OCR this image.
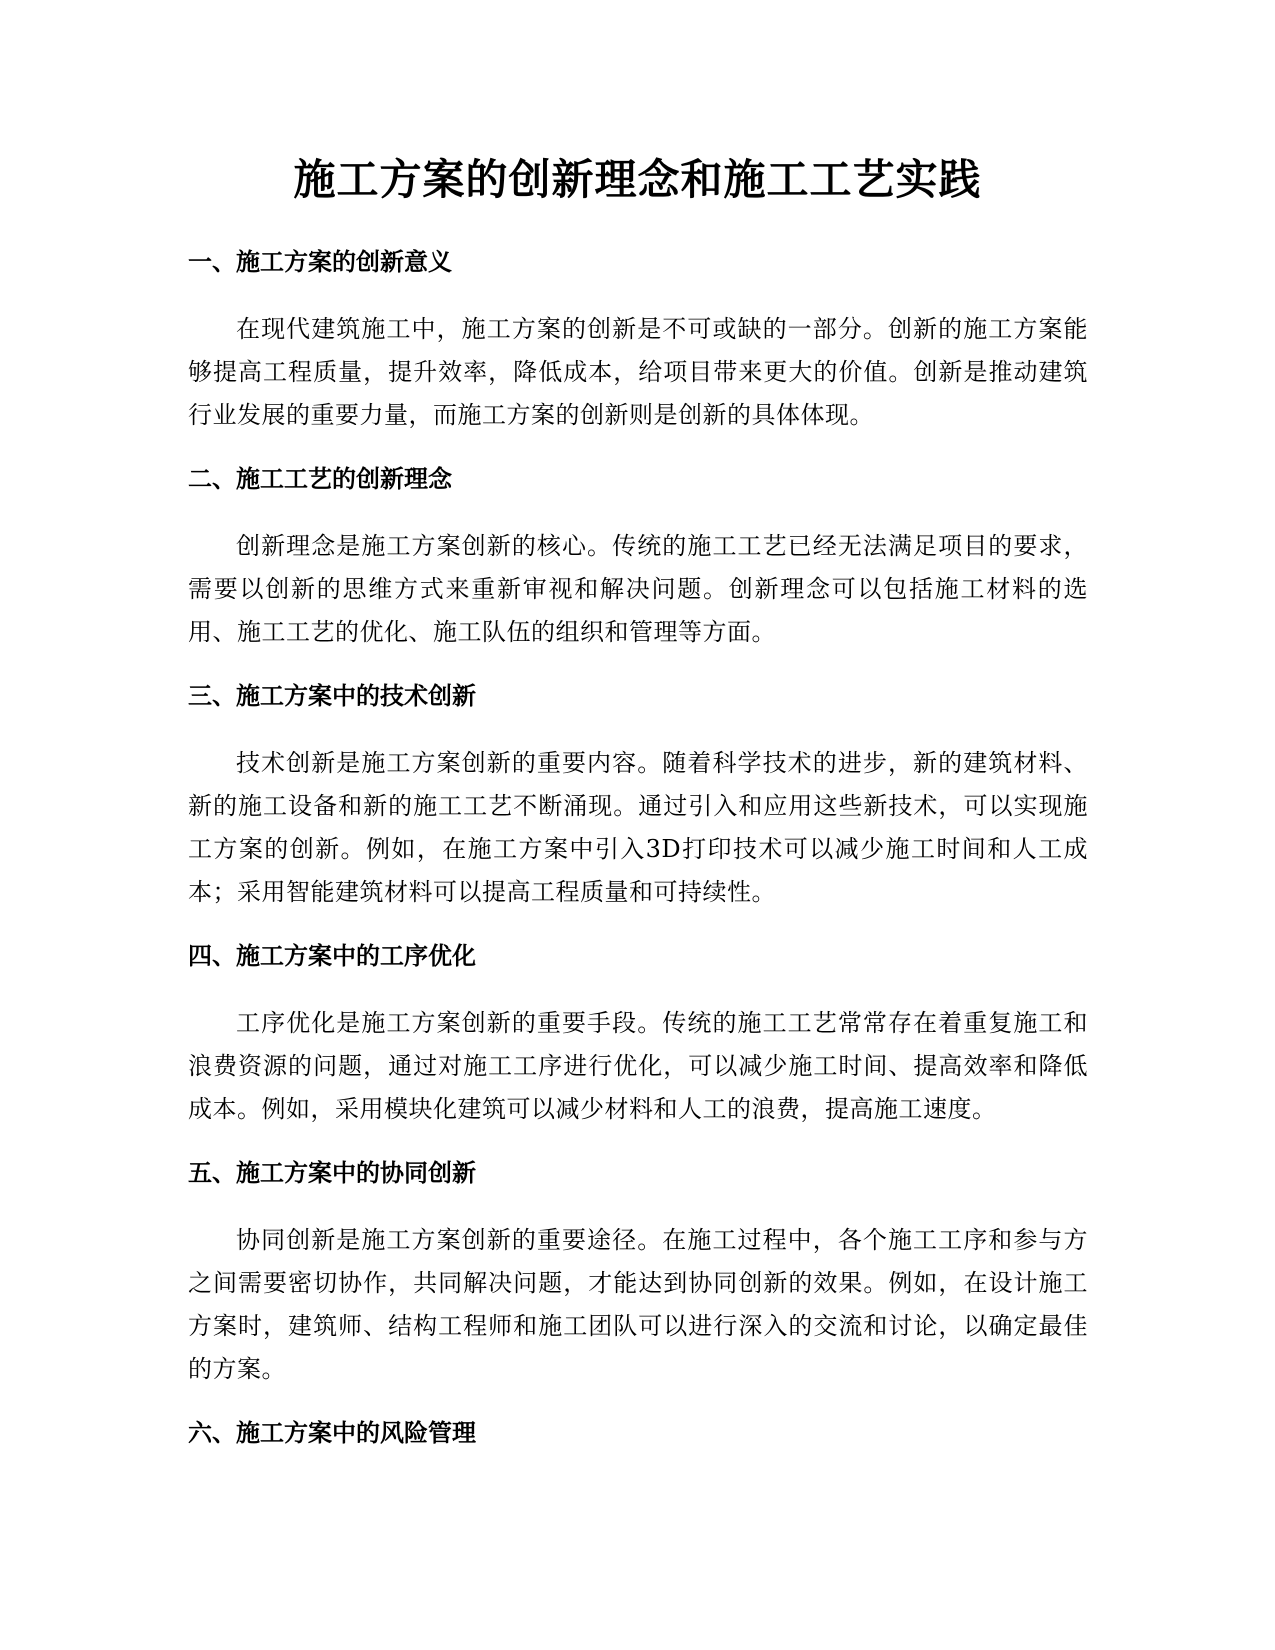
施工方案的创新理念和施工工艺实践
一、施工方案的创新意义

在现代建筑施工中，施工方案的创新是不可或缺的一部分。创新的施工方案能够提高工程质量，提升效率，降低成本，给项目带来更大的价值。创新是推动建筑行业发展的重要力量，而施工方案的创新则是创新的具体体现。

二、施工工艺的创新理念

创新理念是施工方案创新的核心。传统的施工工艺已经无法满足项目的要求，需要以创新的思维方式来重新审视和解决问题。创新理念可以包括施工材料的选用、施工工艺的优化、施工队伍的组织和管理等方面。

三、施工方案中的技术创新

技术创新是施工方案创新的重要内容。随着科学技术的进步，新的建筑材料、新的施工设备和新的施工工艺不断涌现。通过引入和应用这些新技术，可以实现施工方案的创新。例如，在施工方案中引入3D打印技术可以减少施工时间和人工成本；采用智能建筑材料可以提高工程质量和可持续性。

四、施工方案中的工序优化

工序优化是施工方案创新的重要手段。传统的施工工艺常常存在着重复施工和浪费资源的问题，通过对施工工序进行优化，可以减少施工时间、提高效率和降低成本。例如，采用模块化建筑可以减少材料和人工的浪费，提高施工速度。

五、施工方案中的协同创新

协同创新是施工方案创新的重要途径。在施工过程中，各个施工工序和参与方之间需要密切协作，共同解决问题，才能达到协同创新的效果。例如，在设计施工方案时，建筑师、结构工程师和施工团队可以进行深入的交流和讨论，以确定最佳的方案。

六、施工方案中的风险管理
